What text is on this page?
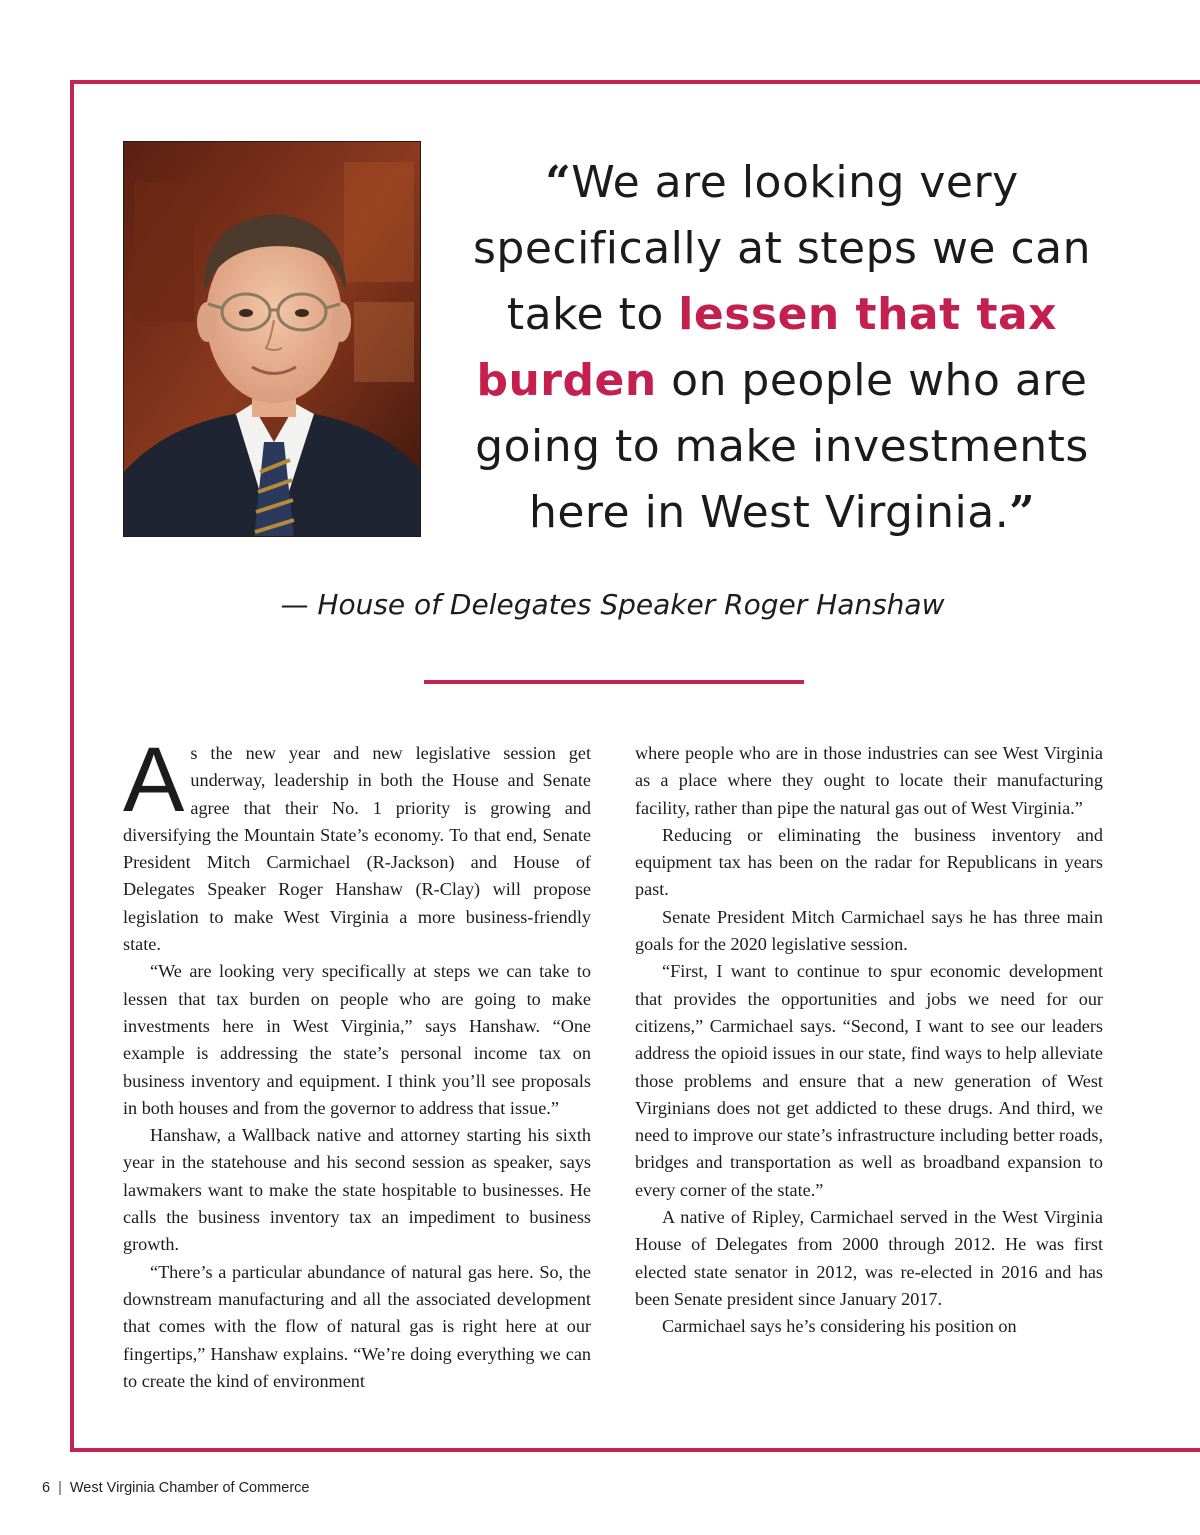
“We are looking very specifically at steps we can take to lessen that tax burden on people who are going to make investments here in West Virginia.”
— House of Delegates Speaker Roger Hanshaw

As the new year and new legislative session get underway, leadership in both the House and Senate agree that their No. 1 priority is growing and diversifying the Mountain State’s economy. To that end, Senate President Mitch Carmichael (R-Jackson) and House of Delegates Speaker Roger Hanshaw (R-Clay) will propose legislation to make West Virginia a more business-friendly state.

“We are looking very specifically at steps we can take to lessen that tax burden on people who are going to make investments here in West Virginia,” says Hanshaw. “One example is addressing the state’s personal income tax on business inventory and equipment. I think you’ll see proposals in both houses and from the governor to address that issue.”

Hanshaw, a Wallback native and attorney starting his sixth year in the statehouse and his second session as speaker, says lawmakers want to make the state hospitable to businesses. He calls the business inventory tax an impediment to business growth.

“There’s a particular abundance of natural gas here. So, the downstream manufacturing and all the associated development that comes with the flow of natural gas is right here at our fingertips,” Hanshaw explains. “We’re doing everything we can to create the kind of environment

where people who are in those industries can see West Virginia as a place where they ought to locate their manufacturing facility, rather than pipe the natural gas out of West Virginia.”

Reducing or eliminating the business inventory and equipment tax has been on the radar for Republicans in years past.

Senate President Mitch Carmichael says he has three main goals for the 2020 legislative session.

“First, I want to continue to spur economic development that provides the opportunities and jobs we need for our citizens,” Carmichael says. “Second, I want to see our leaders address the opioid issues in our state, find ways to help alleviate those problems and ensure that a new generation of West Virginians does not get addicted to these drugs. And third, we need to improve our state’s infrastructure including better roads, bridges and transportation as well as broadband expansion to every corner of the state.”

A native of Ripley, Carmichael served in the West Virginia House of Delegates from 2000 through 2012. He was first elected state senator in 2012, was re-elected in 2016 and has been Senate president since January 2017.

Carmichael says he’s considering his position on

6 | West Virginia Chamber of Commerce
